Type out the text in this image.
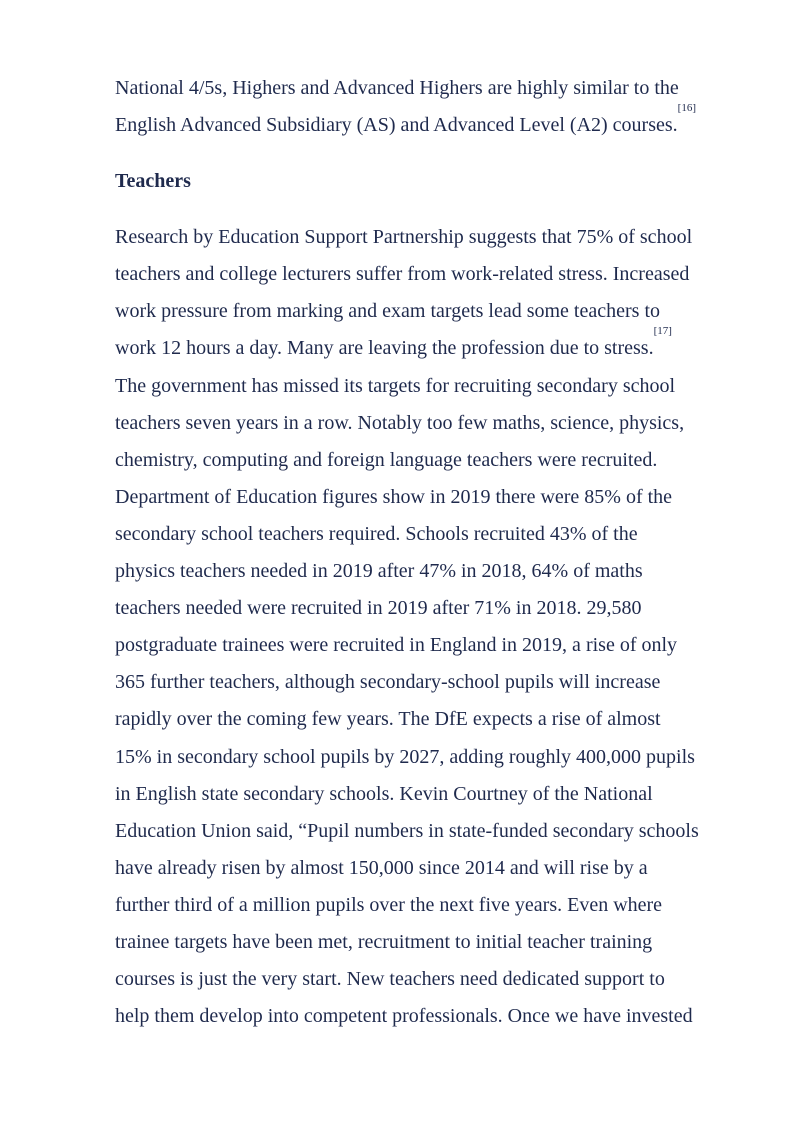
National 4/5s, Highers and Advanced Highers are highly similar to the
English Advanced Subsidiary (AS) and Advanced Level (A2) courses.[16]

Teachers

Research by Education Support Partnership suggests that 75% of school
teachers and college lecturers suffer from work-related stress. Increased
work pressure from marking and exam targets lead some teachers to
work 12 hours a day. Many are leaving the profession due to stress.[17]
The government has missed its targets for recruiting secondary school
teachers seven years in a row. Notably too few maths, science, physics,
chemistry, computing and foreign language teachers were recruited.
Department of Education figures show in 2019 there were 85% of the
secondary school teachers required. Schools recruited 43% of the
physics teachers needed in 2019 after 47% in 2018, 64% of maths
teachers needed were recruited in 2019 after 71% in 2018. 29,580
postgraduate trainees were recruited in England in 2019, a rise of only
365 further teachers, although secondary-school pupils will increase
rapidly over the coming few years. The DfE expects a rise of almost
15% in secondary school pupils by 2027, adding roughly 400,000 pupils
in English state secondary schools. Kevin Courtney of the National
Education Union said, “Pupil numbers in state-funded secondary schools
have already risen by almost 150,000 since 2014 and will rise by a
further third of a million pupils over the next five years. Even where
trainee targets have been met, recruitment to initial teacher training
courses is just the very start. New teachers need dedicated support to
help them develop into competent professionals. Once we have invested
